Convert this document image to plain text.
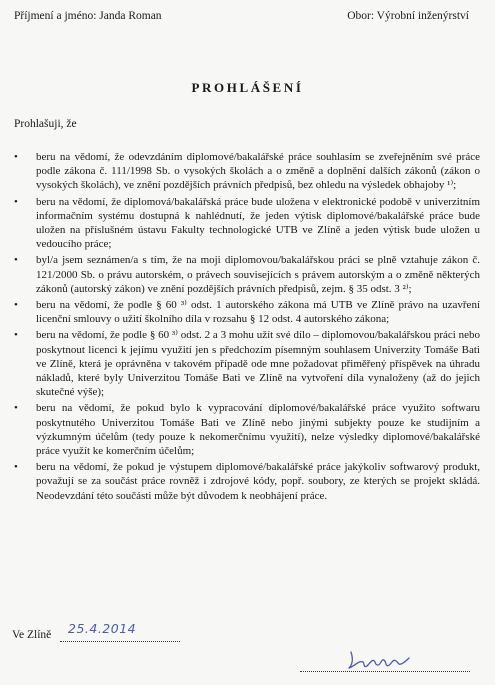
Příjmení a jméno: Janda Roman	Obor: Výrobní inženýrství
PROHLÁŠENÍ
Prohlašuji, že
• beru na vědomí, že odevzdáním diplomové/bakalářské práce souhlasím se zveřejněním své práce podle zákona č. 111/1998 Sb. o vysokých školách a o změně a doplnění dalších zákonů (zákon o vysokých školách), ve znění pozdějších právních předpisů, bez ohledu na výsledek obhajoby ¹⁾;
• beru na vědomí, že diplomová/bakalářská práce bude uložena v elektronické podobě v univerzitním informačním systému dostupná k nahlédnutí, že jeden výtisk diplomové/bakalářské práce bude uložen na příslušném ústavu Fakulty technologické UTB ve Zlíně a jeden výtisk bude uložen u vedoucího práce;
• byl/a jsem seznámen/a s tím, že na moji diplomovou/bakalářskou práci se plně vztahuje zákon č. 121/2000 Sb. o právu autorském, o právech souvisejících s právem autorským a o změně některých zákonů (autorský zákon) ve znění pozdějších právních předpisů, zejm. § 35 odst. 3 ²⁾;
• beru na vědomí, že podle § 60 ³⁾ odst. 1 autorského zákona má UTB ve Zlíně právo na uzavření licenční smlouvy o užití školního díla v rozsahu § 12 odst. 4 autorského zákona;
• beru na vědomí, že podle § 60 ³⁾ odst. 2 a 3 mohu užít své dílo – diplomovou/bakalářskou práci nebo poskytnout licenci k jejímu využití jen s předchozím písemným souhlasem Univerzity Tomáše Bati ve Zlíně, která je oprávněna v takovém případě ode mne požadovat přiměřený příspěvek na úhradu nákladů, které byly Univerzitou Tomáše Bati ve Zlíně na vytvoření díla vynaloženy (až do jejich skutečné výše);
• beru na vědomí, že pokud bylo k vypracování diplomové/bakalářské práce využito softwaru poskytnutého Univerzitou Tomáše Bati ve Zlíně nebo jinými subjekty pouze ke studijním a výzkumným účelům (tedy pouze k nekomerčnímu využití), nelze výsledky diplomové/bakalářské práce využít ke komerčním účelům;
• beru na vědomí, že pokud je výstupem diplomové/bakalářské práce jakýkoliv softwarový produkt, považují se za součást práce rovněž i zdrojové kódy, popř. soubory, ze kterých se projekt skládá. Neodevzdání této součásti může být důvodem k neobhájení práce.
Ve Zlíně 25.4.2014
